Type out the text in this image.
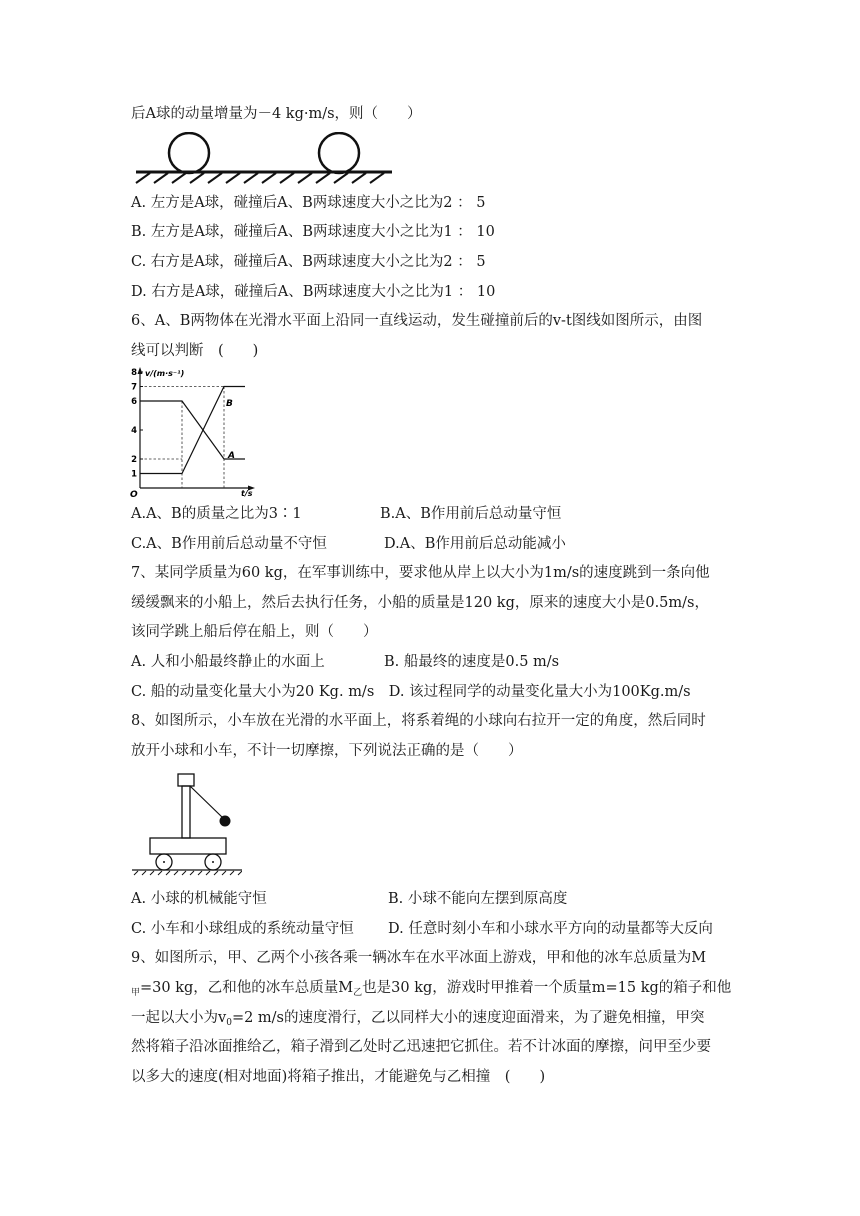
后A球的动量增量为－4 kg·m/s，则（　　）
A. 左方是A球，碰撞后A、B两球速度大小之比为2 ： 5
B. 左方是A球，碰撞后A、B两球速度大小之比为1 ： 10
C. 右方是A球，碰撞后A、B两球速度大小之比为2 ： 5
D. 右方是A球，碰撞后A、B两球速度大小之比为1 ： 10
6、A、B两物体在光滑水平面上沿同一直线运动，发生碰撞前后的v-t图线如图所示，由图
线可以判断　(　　)
8
7
6
4
2
1
v/(m·s⁻¹)
t/s
O
B
A
A.A、B的质量之比为3∶1	B.A、B作用前后总动量守恒
C.A、B作用前后总动量不守恒	D.A、B作用前后总动能减小
7、某同学质量为60 kg，在军事训练中，要求他从岸上以大小为1m/s的速度跳到一条向他
缓缓飘来的小船上，然后去执行任务，小船的质量是120 kg，原来的速度大小是0.5m/s，
该同学跳上船后停在船上，则（　　）
A. 人和小船最终静止的水面上	B. 船最终的速度是0.5 m/s
C. 船的动量变化量大小为20 Kg. m/s　D. 该过程同学的动量变化量大小为100Kg.m/s
8、如图所示，小车放在光滑的水平面上，将系着绳的小球向右拉开一定的角度，然后同时
放开小球和小车，不计一切摩擦，下列说法正确的是（　　）
A. 小球的机械能守恒	B. 小球不能向左摆到原高度
C. 小车和小球组成的系统动量守恒 D. 任意时刻小车和小球水平方向的动量都等大反向
9、如图所示，甲、乙两个小孩各乘一辆冰车在水平冰面上游戏，甲和他的冰车总质量为M
$_甲$=30 kg，乙和他的冰车总质量$M_乙$也是30 kg，游戏时甲推着一个质量m=15 kg的箱子和他
一起以大小为$v_0=2$ m/s的速度滑行，乙以同样大小的速度迎面滑来，为了避免相撞，甲突
然将箱子沿冰面推给乙，箱子滑到乙处时乙迅速把它抓住。若不计冰面的摩擦，问甲至少要
以多大的速度(相对地面)将箱子推出，才能避免与乙相撞　(　　)
